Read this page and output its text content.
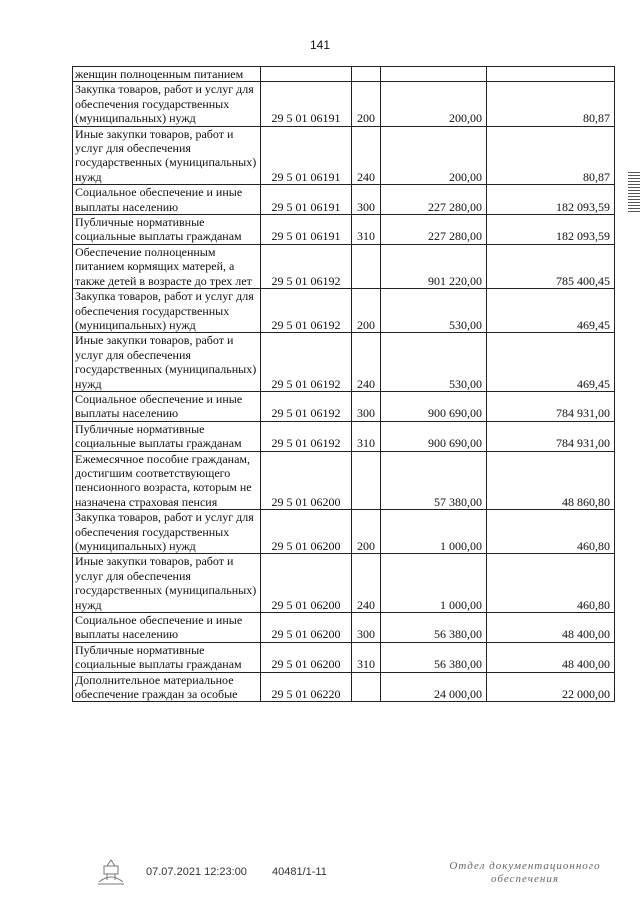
141
женщин полноценным питанием				
Закупка товаров, работ и услуг для обеспечения государственных (муниципальных) нужд	29 5 01 06191	200	200,00	80,87
Иные закупки товаров, работ и услуг для обеспечения государственных (муниципальных) нужд	29 5 01 06191	240	200,00	80,87
Социальное обеспечение и иные выплаты населению	29 5 01 06191	300	227 280,00	182 093,59
Публичные нормативные социальные выплаты гражданам	29 5 01 06191	310	227 280,00	182 093,59
Обеспечение полноценным питанием кормящих матерей, а также детей в возрасте до трех лет	29 5 01 06192		901 220,00	785 400,45
Закупка товаров, работ и услуг для обеспечения государственных (муниципальных) нужд	29 5 01 06192	200	530,00	469,45
Иные закупки товаров, работ и услуг для обеспечения государственных (муниципальных) нужд	29 5 01 06192	240	530,00	469,45
Социальное обеспечение и иные выплаты населению	29 5 01 06192	300	900 690,00	784 931,00
Публичные нормативные социальные выплаты гражданам	29 5 01 06192	310	900 690,00	784 931,00
Ежемесячное пособие гражданам, достигшим соответствующего пенсионного возраста, которым не назначена страховая пенсия	29 5 01 06200		57 380,00	48 860,80
Закупка товаров, работ и услуг для обеспечения государственных (муниципальных) нужд	29 5 01 06200	200	1 000,00	460,80
Иные закупки товаров, работ и услуг для обеспечения государственных (муниципальных) нужд	29 5 01 06200	240	1 000,00	460,80
Социальное обеспечение и иные выплаты населению	29 5 01 06200	300	56 380,00	48 400,00
Публичные нормативные социальные выплаты гражданам	29 5 01 06200	310	56 380,00	48 400,00
Дополнительное материальное обеспечение граждан за особые	29 5 01 06220		24 000,00	22 000,00
07.07.2021 12:23:00 40481/1-11	Отдел документационного обеспечения
